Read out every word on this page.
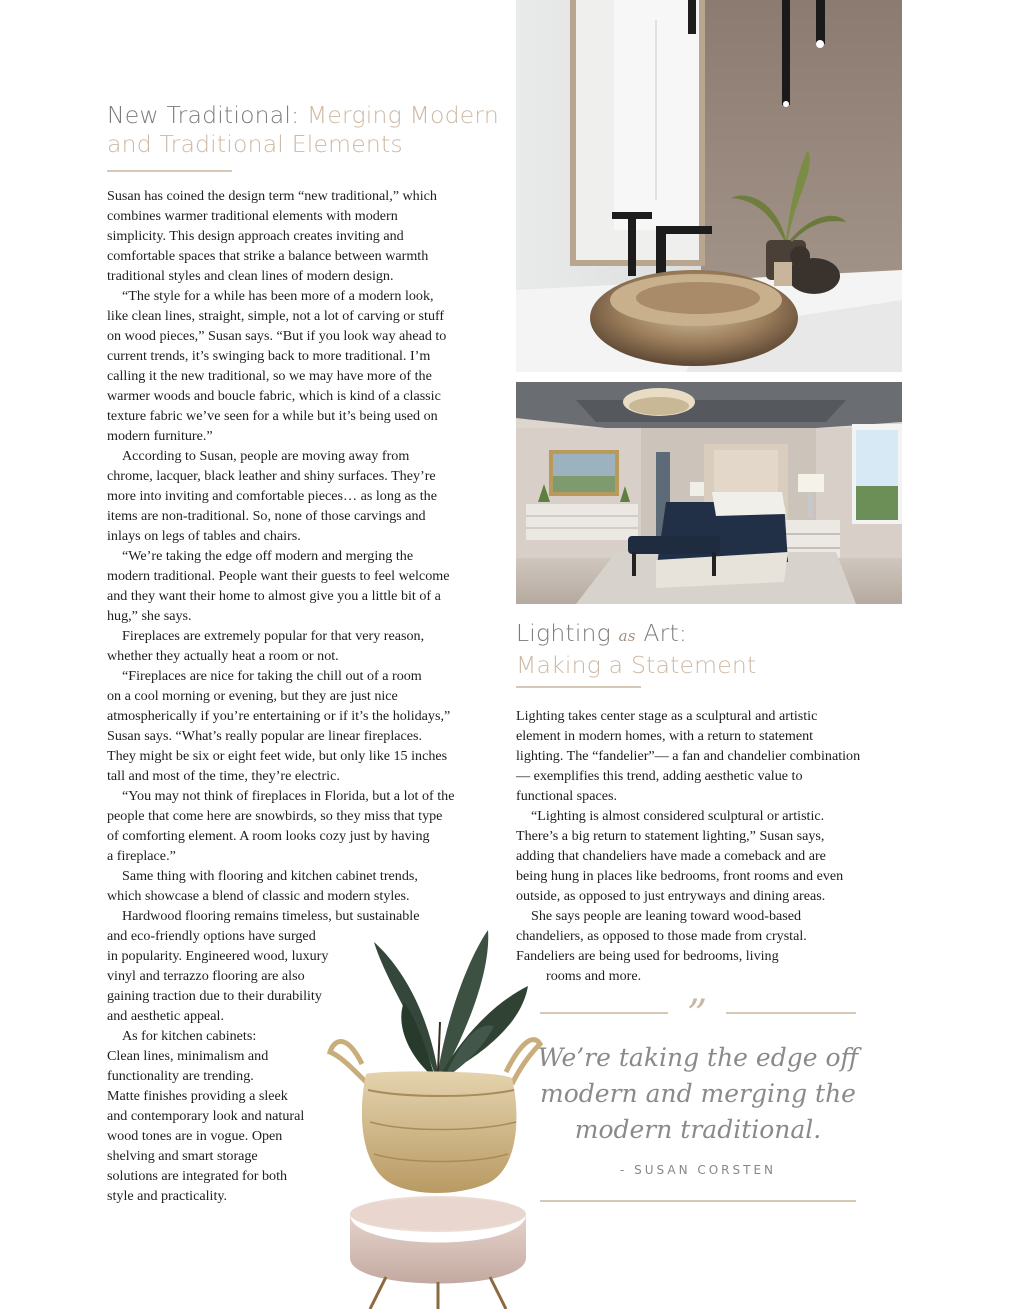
New Traditional: Merging Modern
and Traditional Elements

Susan has coined the design term “new traditional,” which

combines warmer traditional elements with modern

simplicity. This design approach creates inviting and

comfortable spaces that strike a balance between warmth

traditional styles and clean lines of modern design.

“The style for a while has been more of a modern look,

like clean lines, straight, simple, not a lot of carving or stuff

on wood pieces,” Susan says. “But if you look way ahead to

current trends, it’s swinging back to more traditional. I’m

calling it the new traditional, so we may have more of the

warmer woods and boucle fabric, which is kind of a classic

texture fabric we’ve seen for a while but it’s being used on

modern furniture.”

According to Susan, people are moving away from

chrome, lacquer, black leather and shiny surfaces. They’re

more into inviting and comfortable pieces… as long as the

items are non-traditional. So, none of those carvings and

inlays on legs of tables and chairs.

“We’re taking the edge off modern and merging the

modern traditional. People want their guests to feel welcome

and they want their home to almost give you a little bit of a

hug,” she says.

Fireplaces are extremely popular for that very reason,

whether they actually heat a room or not.

“Fireplaces are nice for taking the chill out of a room

on a cool morning or evening, but they are just nice

atmospherically if you’re entertaining or if it’s the holidays,”

Susan says. “What’s really popular are linear fireplaces.

They might be six or eight feet wide, but only like 15 inches

tall and most of the time, they’re electric.

“You may not think of fireplaces in Florida, but a lot of the

people that come here are snowbirds, so they miss that type

of comforting element. A room looks cozy just by having

a fireplace.”

Same thing with flooring and kitchen cabinet trends,

which showcase a blend of classic and modern styles.

Hardwood flooring remains timeless, but sustainable

and eco-friendly options have surged

in popularity. Engineered wood, luxury

vinyl and terrazzo flooring are also

gaining traction due to their durability

and aesthetic appeal.

As for kitchen cabinets:

Clean lines, minimalism and

functionality are trending.

Matte finishes providing a sleek

and contemporary look and natural

wood tones are in vogue. Open

shelving and smart storage

solutions are integrated for both

style and practicality.

Lighting as Art:
Making a Statement

Lighting takes center stage as a sculptural and artistic

element in modern homes, with a return to statement

lighting. The “fandelier”— a fan and chandelier combination

— exemplifies this trend, adding aesthetic value to

functional spaces.

“Lighting is almost considered sculptural or artistic.

There’s a big return to statement lighting,” Susan says,

adding that chandeliers have made a comeback and are

being hung in places like bedrooms, front rooms and even

outside, as opposed to just entryways and dining areas.

She says people are leaning toward wood-based

chandeliers, as opposed to those made from crystal.

Fandeliers are being used for bedrooms, living

rooms and more.

”
We’re taking the edge off
modern and merging the
modern traditional.
- SUSAN CORSTEN
